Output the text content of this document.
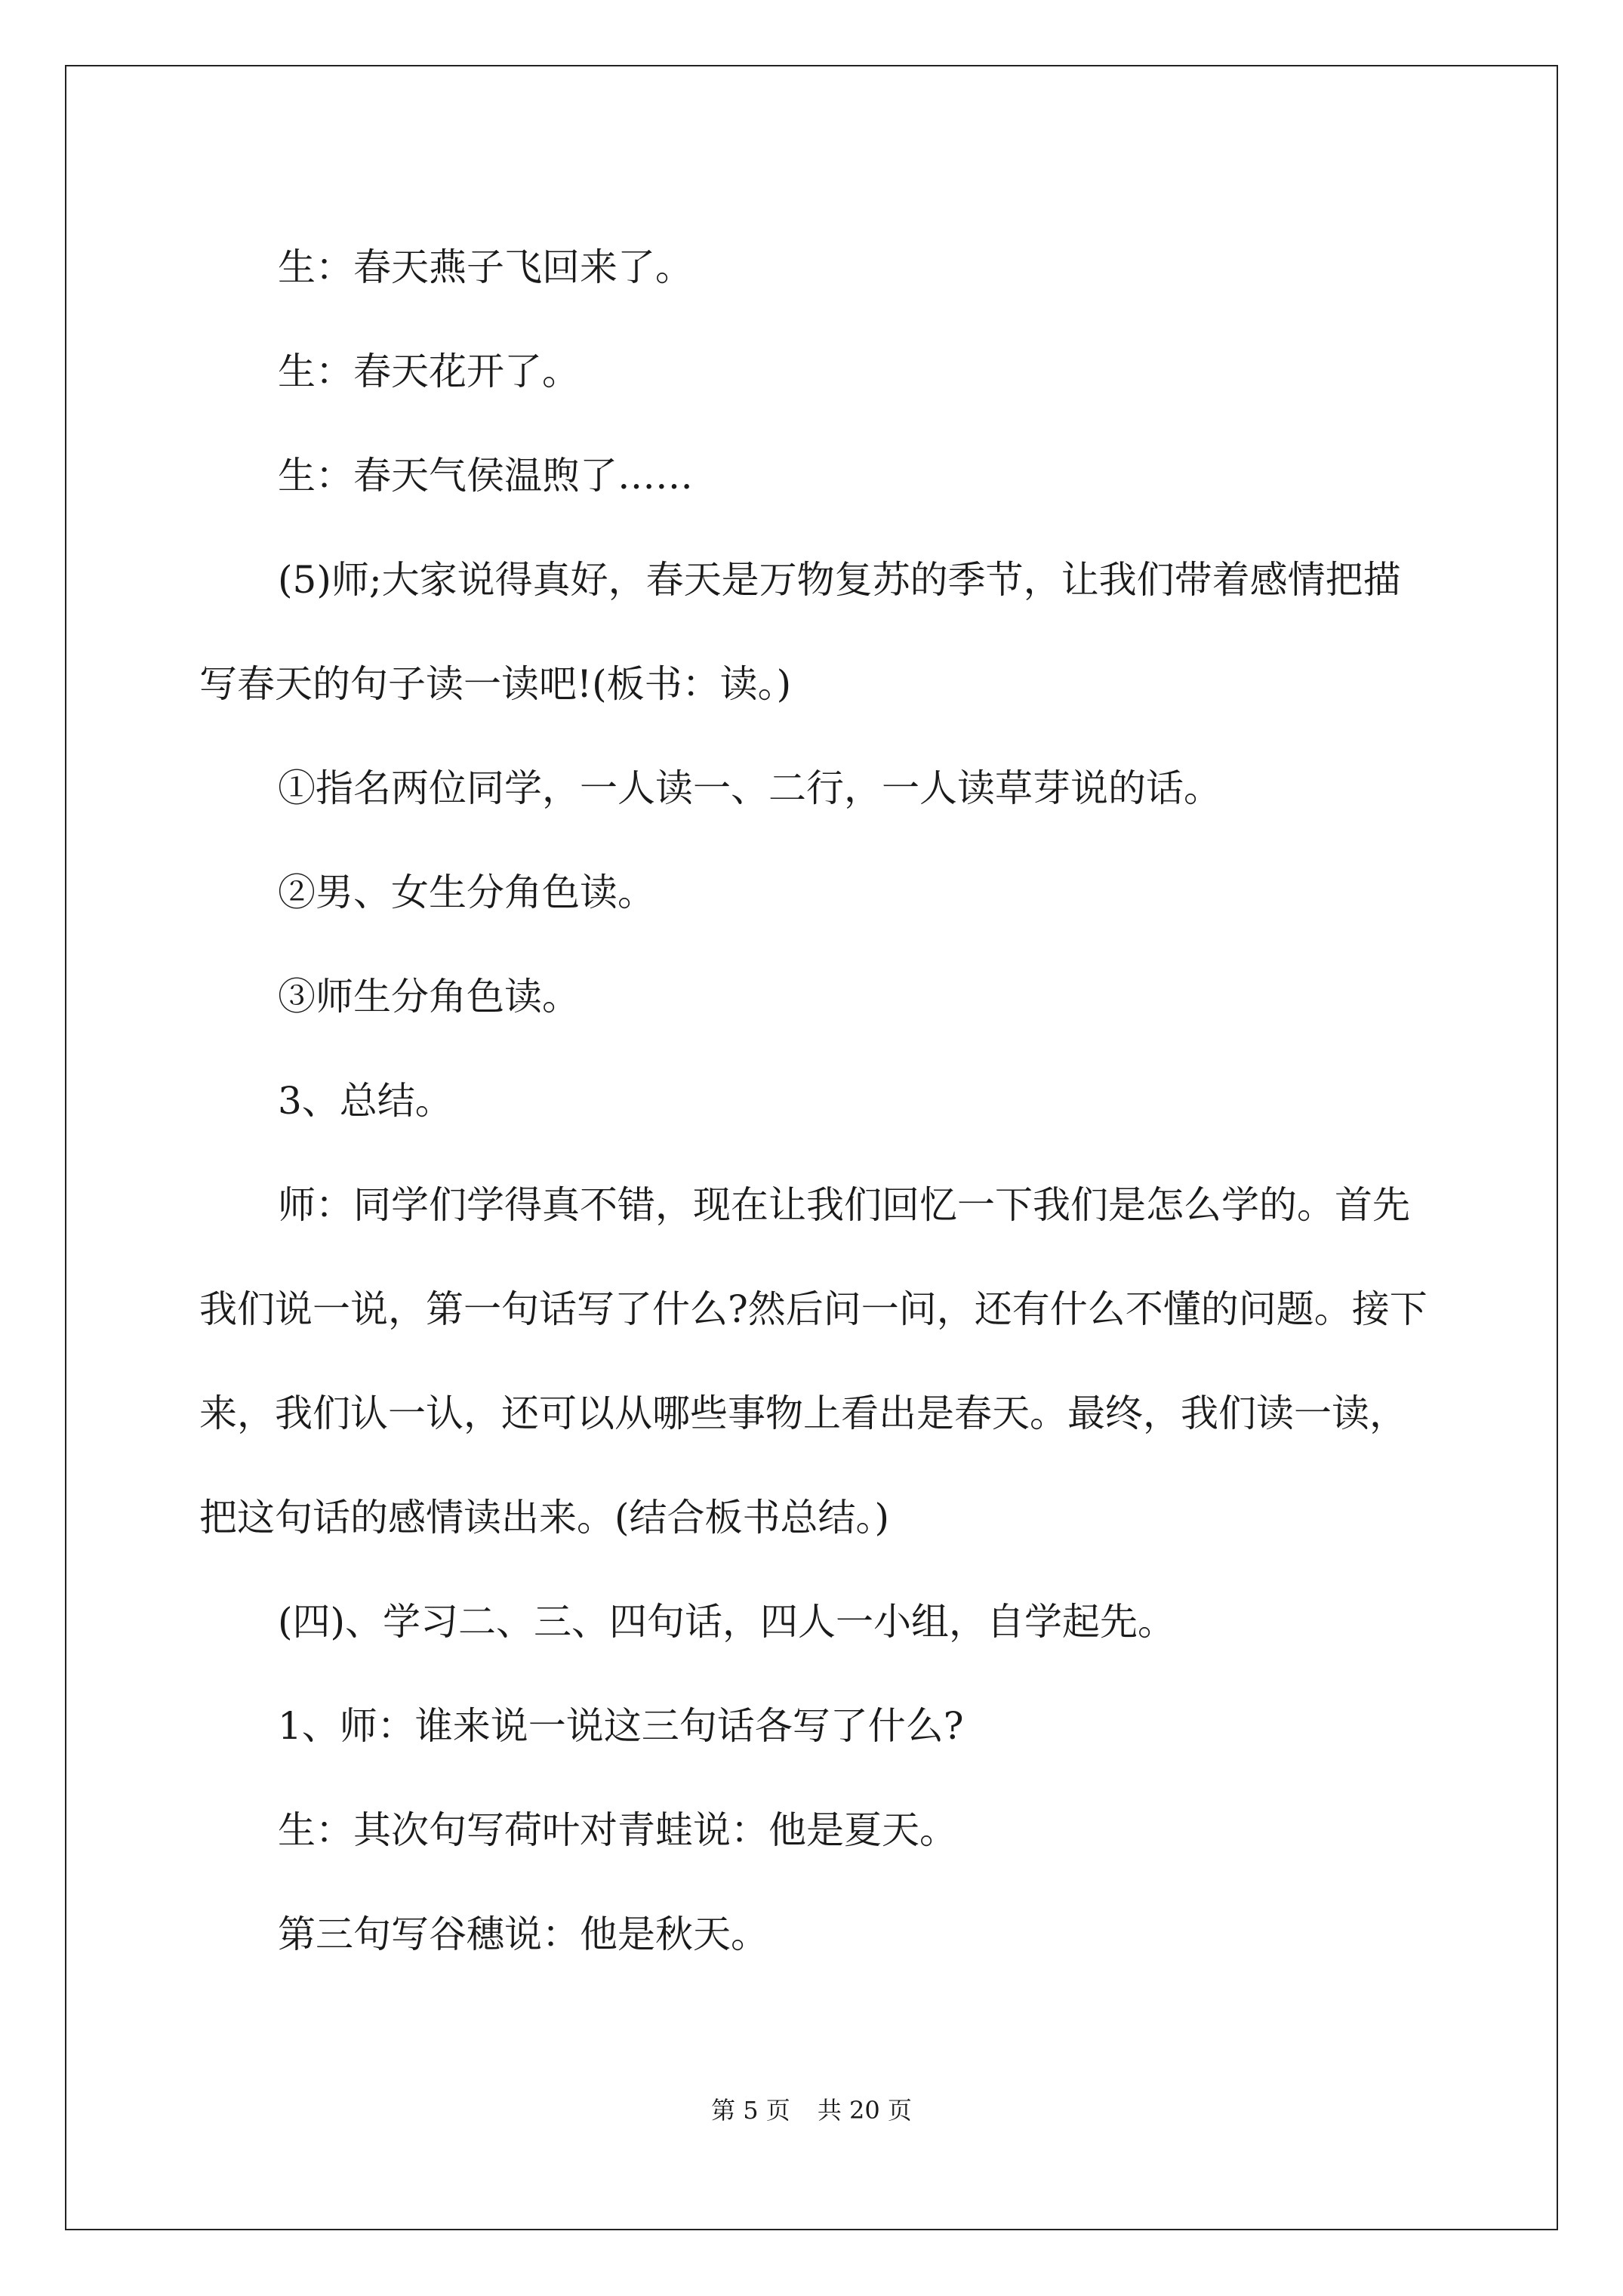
生：春天燕子飞回来了。

生：春天花开了。

生：春天气侯温煦了……

(5)师;大家说得真好，春天是万物复苏的季节，让我们带着感情把描写春天的句子读一读吧!(板书：读。)

①指名两位同学，一人读一、二行，一人读草芽说的话。

②男、女生分角色读。

③师生分角色读。

3、总结。

师：同学们学得真不错，现在让我们回忆一下我们是怎么学的。首先我们说一说，第一句话写了什么?然后问一问，还有什么不懂的问题。接下来，我们认一认，还可以从哪些事物上看出是春天。最终，我们读一读，把这句话的感情读出来。(结合板书总结。)

(四)、学习二、三、四句话，四人一小组，自学起先。

1、师：谁来说一说这三句话各写了什么?

生：其次句写荷叶对青蛙说：他是夏天。

第三句写谷穗说：他是秋天。

第 5 页 共 20 页
